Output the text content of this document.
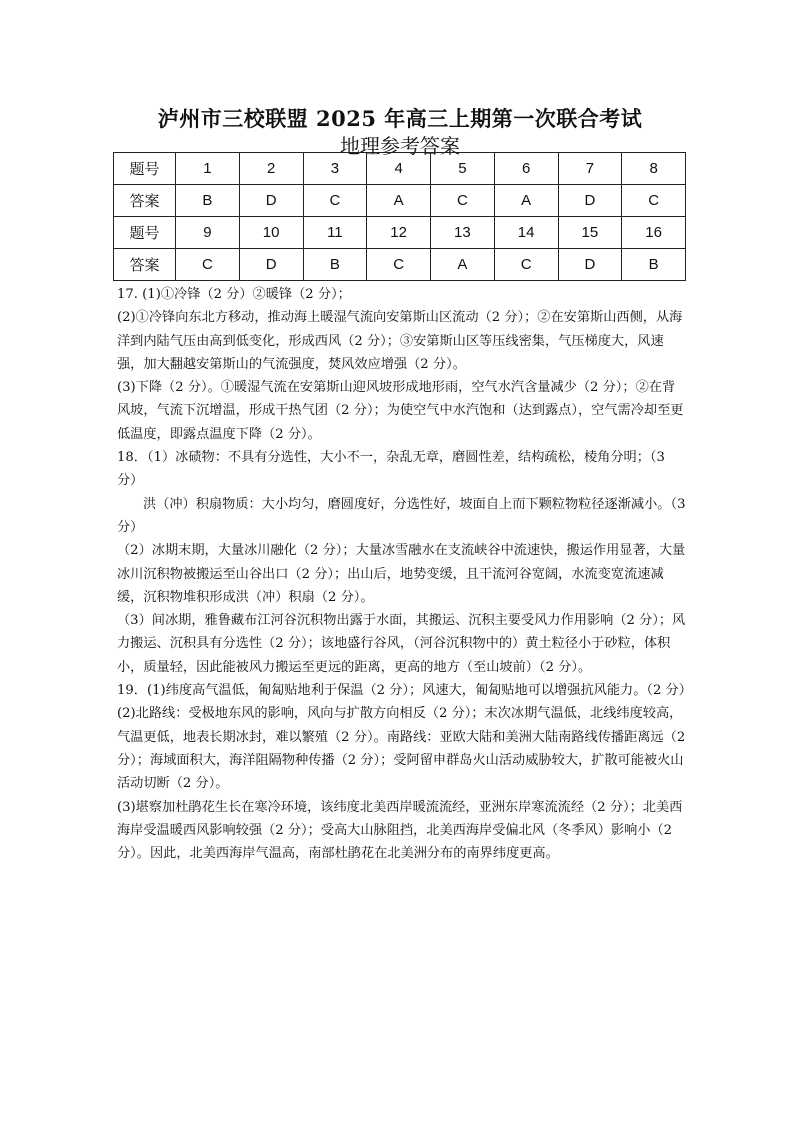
泸州市三校联盟 2025 年高三上期第一次联合考试
地理参考答案
题号	1	2	3	4	5	6	7	8
答案	B	D	C	A	C	A	D	C
题号	9	10	11	12	13	14	15	16
答案	C	D	B	C	A	C	D	B

17. (1)①冷锋（2 分）②暖锋（2 分）；

(2)①冷锋向东北方移动，推动海上暖湿气流向安第斯山区流动（2 分）；②在安第斯山西侧，从海洋到内陆气压由高到低变化，形成西风（2 分）；③安第斯山区等压线密集，气压梯度大，风速强，加大翻越安第斯山的气流强度，焚风效应增强（2 分）。

(3)下降（2 分）。①暖湿气流在安第斯山迎风坡形成地形雨，空气水汽含量减少（2 分）；②在背风坡，气流下沉增温，形成干热气团（2 分）；为使空气中水汽饱和（达到露点），空气需冷却至更低温度，即露点温度下降（2 分）。

18．（1）冰碛物：不具有分选性，大小不一，杂乱无章，磨圆性差，结构疏松，棱角分明；（3 分）

洪（冲）积扇物质：大小均匀，磨圆度好，分选性好，坡面自上而下颗粒物粒径逐渐减小。（3 分）

（2）冰期末期，大量冰川融化（2 分）；大量冰雪融水在支流峡谷中流速快，搬运作用显著，大量冰川沉积物被搬运至山谷出口（2 分）；出山后，地势变缓，且干流河谷宽阔，水流变宽流速减缓，沉积物堆积形成洪（冲）积扇（2 分）。

（3）间冰期，雅鲁藏布江河谷沉积物出露于水面，其搬运、沉积主要受风力作用影响（2 分）；风力搬运、沉积具有分选性（2 分）；该地盛行谷风，（河谷沉积物中的）黄土粒径小于砂粒，体积小，质量轻，因此能被风力搬运至更远的距离，更高的地方（至山坡前）（2 分）。

19．(1)纬度高气温低，匍匐贴地利于保温（2 分）；风速大，匍匐贴地可以增强抗风能力。（2 分）

(2)北路线：受极地东风的影响，风向与扩散方向相反（2 分）；末次冰期气温低，北线纬度较高，气温更低，地表长期冰封，难以繁殖（2 分）。南路线：亚欧大陆和美洲大陆南路线传播距离远（2 分）；海域面积大，海洋阻隔物种传播（2 分）；受阿留申群岛火山活动威胁较大，扩散可能被火山活动切断（2 分）。

(3)堪察加杜鹃花生长在寒冷环境，该纬度北美西岸暖流流经，亚洲东岸寒流流经（2 分）；北美西海岸受温暖西风影响较强（2 分）；受高大山脉阻挡，北美西海岸受偏北风（冬季风）影响小（2 分）。因此，北美西海岸气温高，南部杜鹃花在北美洲分布的南界纬度更高。
